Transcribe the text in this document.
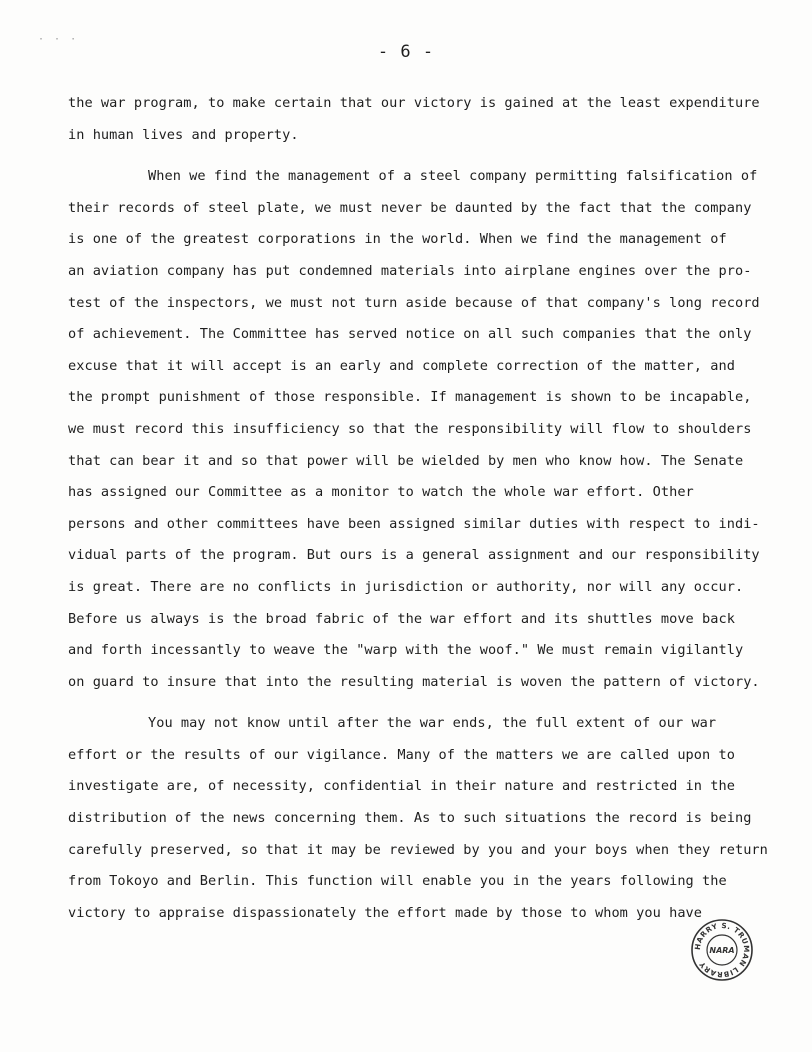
· · ·
- 6 -
the war program, to make certain that our victory is gained at the least expenditure
in human lives and property.
When we find the management of a steel company permitting falsification of
their records of steel plate, we must never be daunted by the fact that the company
is one of the greatest corporations in the world. When we find the management of
an aviation company has put condemned materials into airplane engines over the pro-
test of the inspectors, we must not turn aside because of that company's long record
of achievement. The Committee has served notice on all such companies that the only
excuse that it will accept is an early and complete correction of the matter, and
the prompt punishment of those responsible. If management is shown to be incapable,
we must record this insufficiency so that the responsibility will flow to shoulders
that can bear it and so that power will be wielded by men who know how. The Senate
has assigned our Committee as a monitor to watch the whole war effort. Other
persons and other committees have been assigned similar duties with respect to indi-
vidual parts of the program. But ours is a general assignment and our responsibility
is great. There are no conflicts in jurisdiction or authority, nor will any occur.
Before us always is the broad fabric of the war effort and its shuttles move back
and forth incessantly to weave the "warp with the woof." We must remain vigilantly
on guard to insure that into the resulting material is woven the pattern of victory.
You may not know until after the war ends, the full extent of our war
effort or the results of our vigilance. Many of the matters we are called upon to
investigate are, of necessity, confidential in their nature and restricted in the
distribution of the news concerning them. As to such situations the record is being
carefully preserved, so that it may be reviewed by you and your boys when they return
from Tokoyo and Berlin. This function will enable you in the years following the
victory to appraise dispassionately the effort made by those to whom you have
HARRY S. TRUMAN LIBRARY
NARA
